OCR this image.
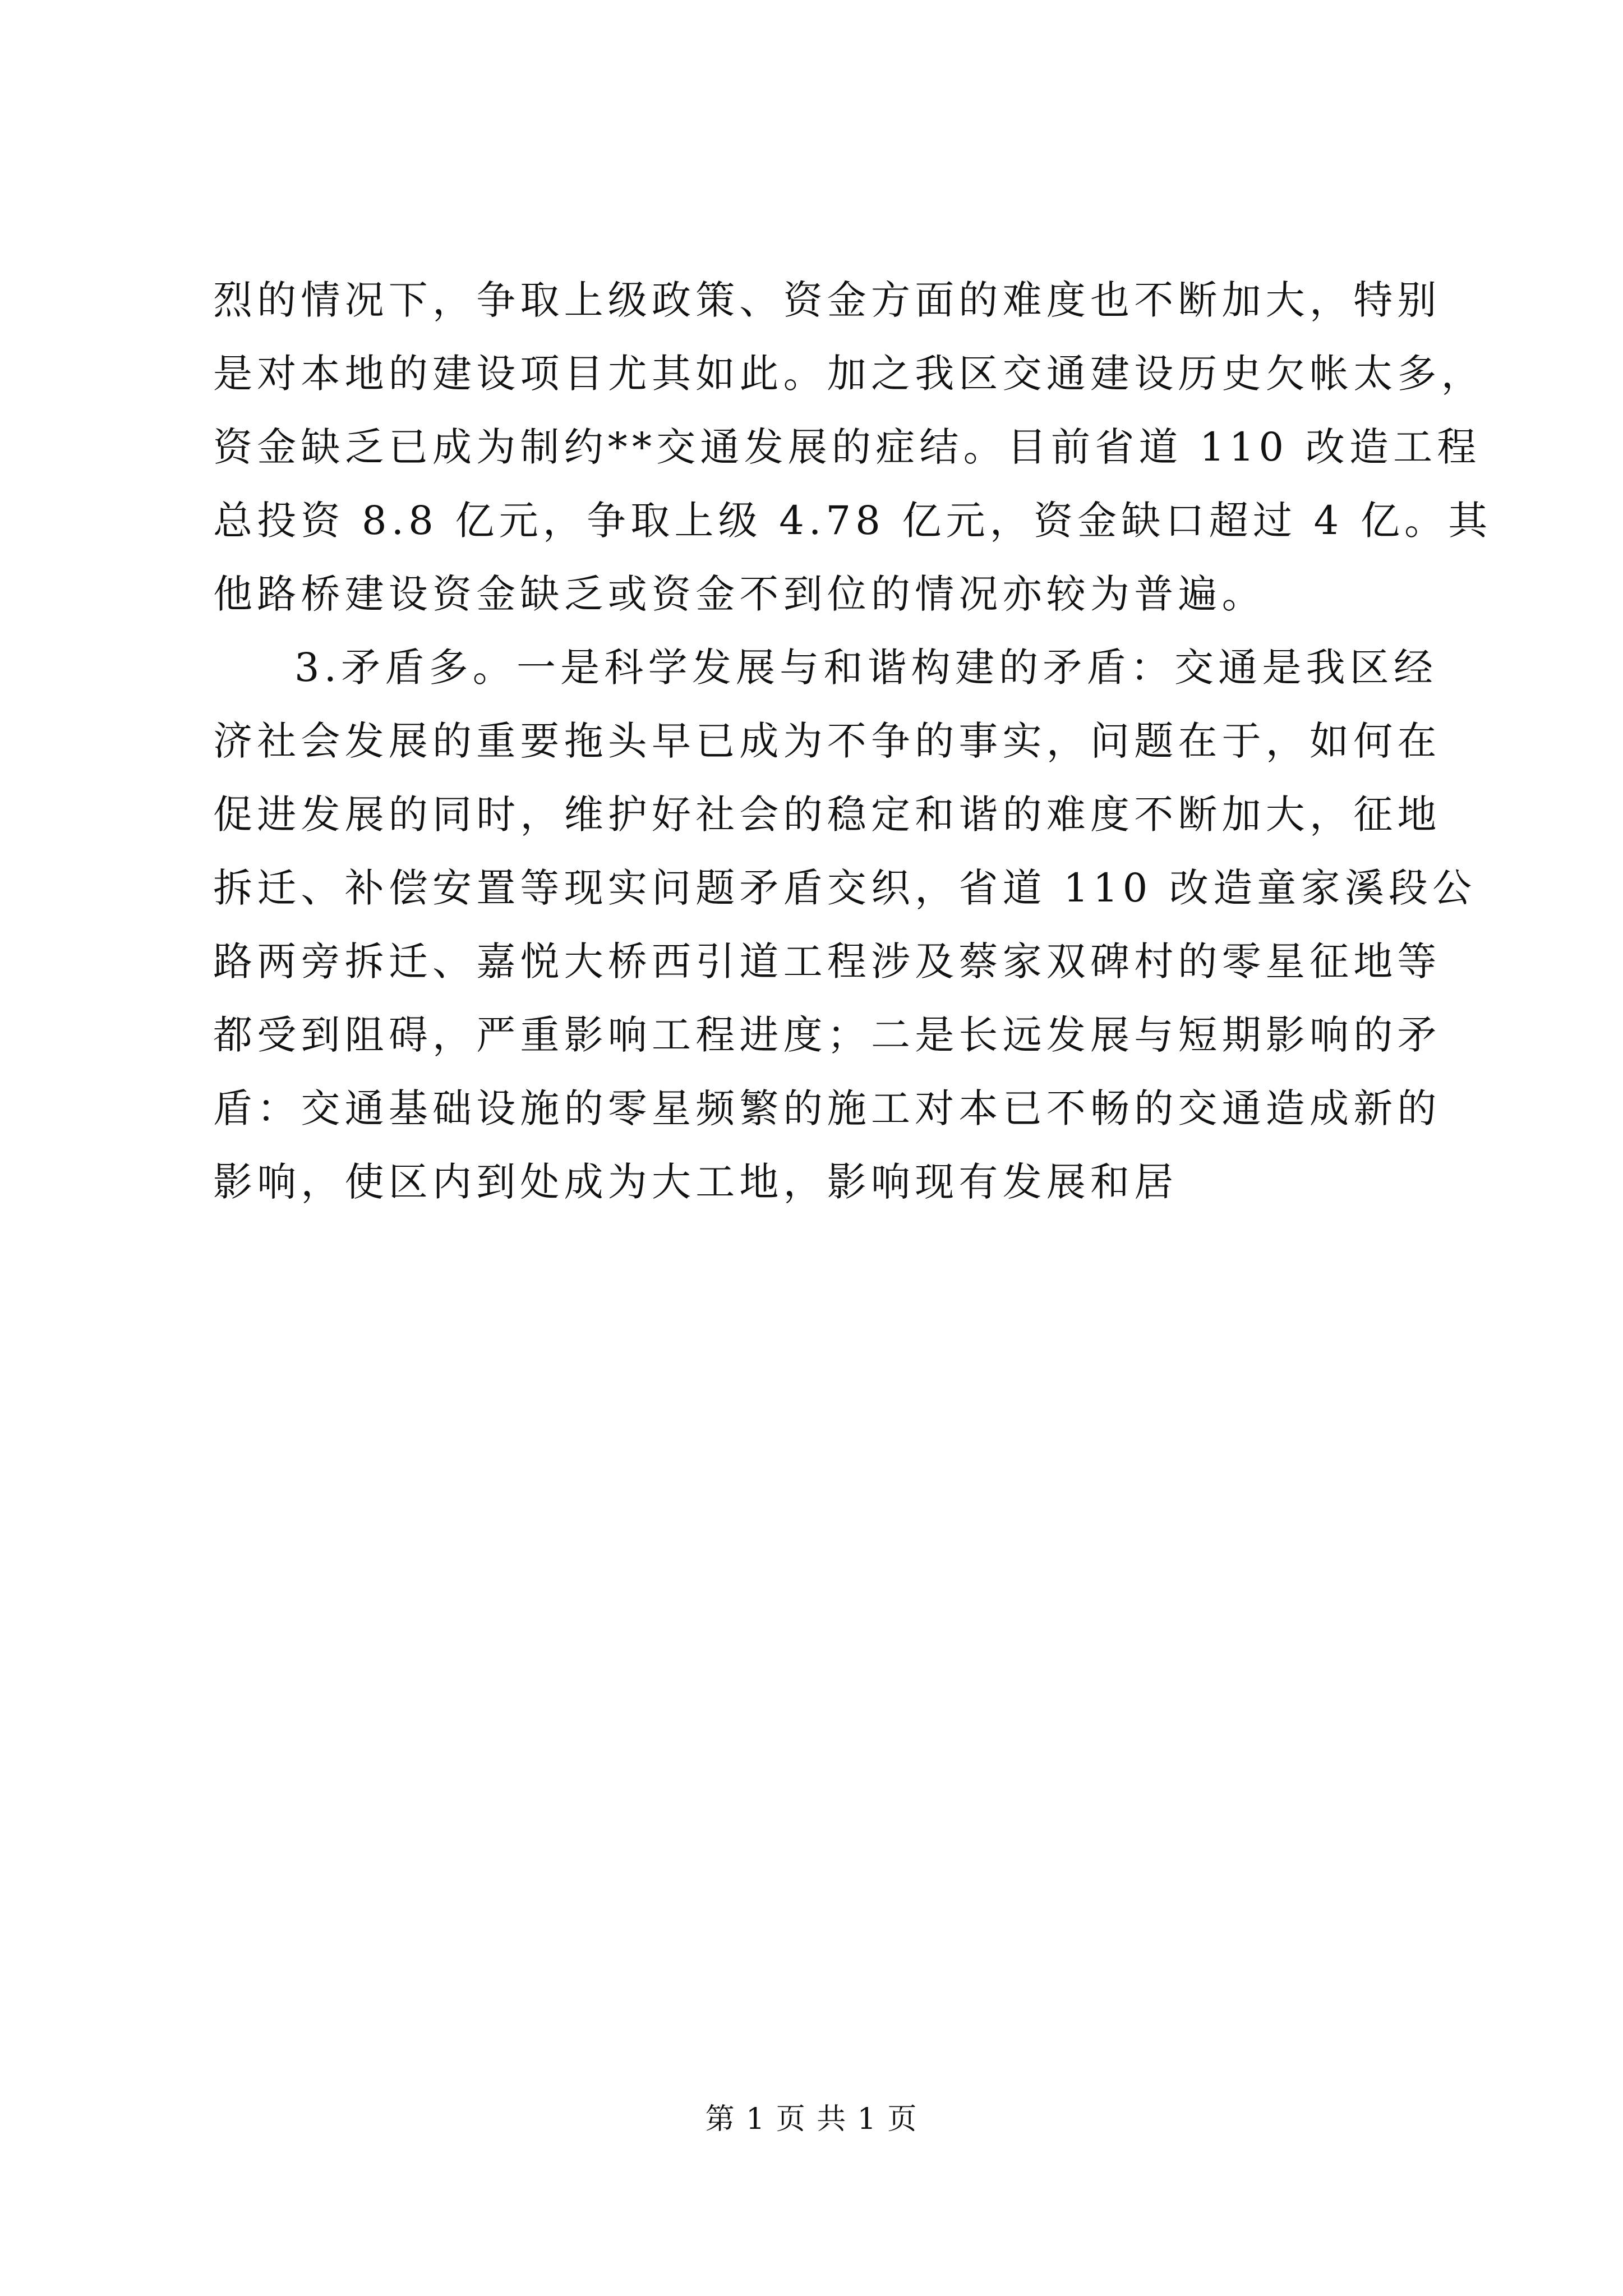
烈的情况下，争取上级政策、资金方面的难度也不断加大，特别
是对本地的建设项目尤其如此。加之我区交通建设历史欠帐太多，
资金缺乏已成为制约**交通发展的症结。目前省道 110 改造工程
总投资 8.8 亿元，争取上级 4.78 亿元，资金缺口超过 4 亿。其
他路桥建设资金缺乏或资金不到位的情况亦较为普遍。
3.矛盾多。一是科学发展与和谐构建的矛盾：交通是我区经
济社会发展的重要拖头早已成为不争的事实，问题在于，如何在
促进发展的同时，维护好社会的稳定和谐的难度不断加大，征地
拆迁、补偿安置等现实问题矛盾交织，省道 110 改造童家溪段公
路两旁拆迁、嘉悦大桥西引道工程涉及蔡家双碑村的零星征地等
都受到阻碍，严重影响工程进度；二是长远发展与短期影响的矛
盾：交通基础设施的零星频繁的施工对本已不畅的交通造成新的
影响，使区内到处成为大工地，影响现有发展和居
第 1 页 共 1 页
